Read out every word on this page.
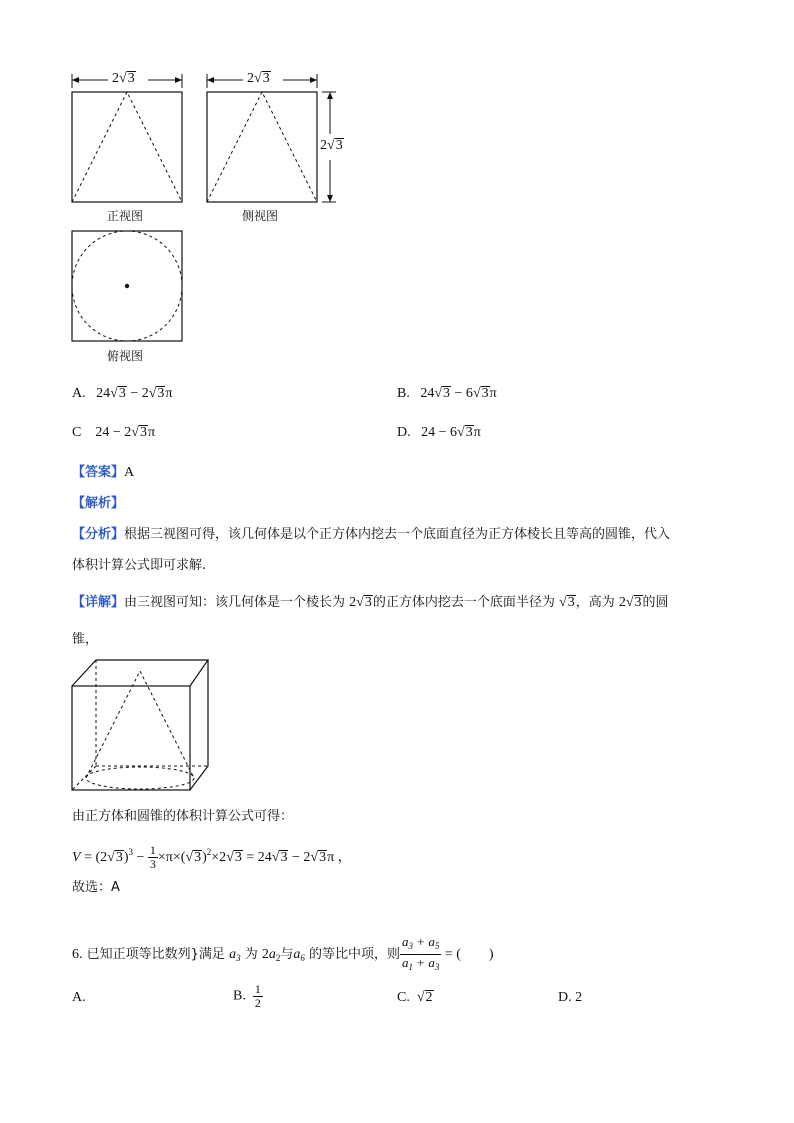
2√3	2√3
2√3
正视图	侧视图
俯视图
A. 24√3 − 2√3π	B. 24√3 − 6√3π
C 24 − 2√3π	D. 24 − 6√3π
【答案】A
【解析】
【分析】根据三视图可得，该几何体是以个正方体内挖去一个底面直径为正方体棱长且等高的圆锥，代入
体积计算公式即可求解.
【详解】由三视图可知：该几何体是一个棱长为 2√3的正方体内挖去一个底面半径为 √3，高为 2√3的圆
锥，
由正方体和圆锥的体积计算公式可得：
$V = (2√3)^3 - \frac{1}{3} \times\pi\times(√3)^2\times 2√3 = 24√3 - 2√3\pi$ ，
故选：A
6. 已知正项等比数列}满足 $a_3$ 为 $2a_2$与$a_6$ 的等比中项，则 $\frac{a_3 + a_5}{a_1 + a_3}$ = (　　)
A.	B. $\frac{1}{2}$	C.  √2	D. 2
